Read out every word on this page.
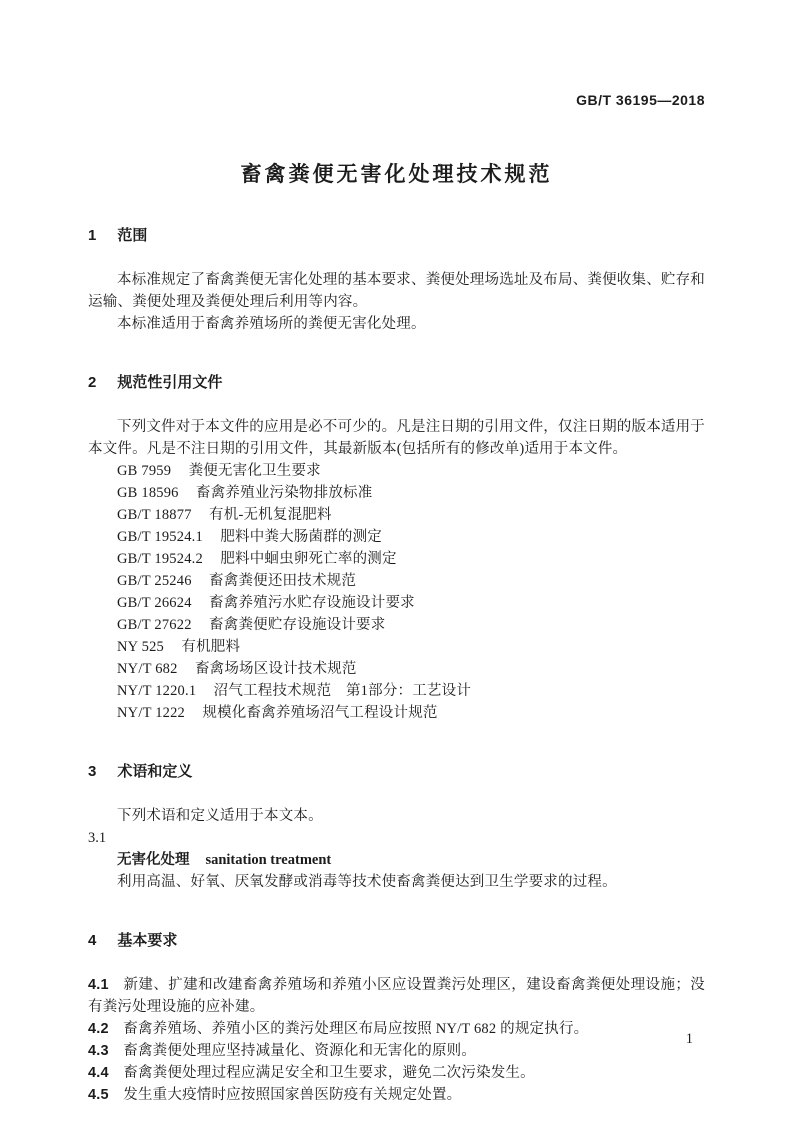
GB/T 36195—2018
畜禽粪便无害化处理技术规范
1 范围

本标准规定了畜禽粪便无害化处理的基本要求、粪便处理场选址及布局、粪便收集、贮存和运输、粪便处理及粪便处理后利用等内容。

本标准适用于畜禽养殖场所的粪便无害化处理。

2 规范性引用文件

下列文件对于本文件的应用是必不可少的。凡是注日期的引用文件，仅注日期的版本适用于本文件。凡是不注日期的引用文件，其最新版本(包括所有的修改单)适用于本文件。

GB 7959 粪便无害化卫生要求

GB 18596 畜禽养殖业污染物排放标准

GB/T 18877 有机-无机复混肥料

GB/T 19524.1 肥料中粪大肠菌群的测定

GB/T 19524.2 肥料中蛔虫卵死亡率的测定

GB/T 25246 畜禽粪便还田技术规范

GB/T 26624 畜禽养殖污水贮存设施设计要求

GB/T 27622 畜禽粪便贮存设施设计要求

NY 525 有机肥料

NY/T 682 畜禽场场区设计技术规范

NY/T 1220.1 沼气工程技术规范　第1部分：工艺设计

NY/T 1222 规模化畜禽养殖场沼气工程设计规范

3 术语和定义

下列术语和定义适用于本文本。

3.1

无害化处理 sanitation treatment

利用高温、好氧、厌氧发酵或消毒等技术使畜禽粪便达到卫生学要求的过程。

4 基本要求

4.1 新建、扩建和改建畜禽养殖场和养殖小区应设置粪污处理区，建设畜禽粪便处理设施；没有粪污处理设施的应补建。

4.2 畜禽养殖场、养殖小区的粪污处理区布局应按照 NY/T 682 的规定执行。

4.3 畜禽粪便处理应坚持减量化、资源化和无害化的原则。

4.4 畜禽粪便处理过程应满足安全和卫生要求，避免二次污染发生。

4.5 发生重大疫情时应按照国家兽医防疫有关规定处置。

1
